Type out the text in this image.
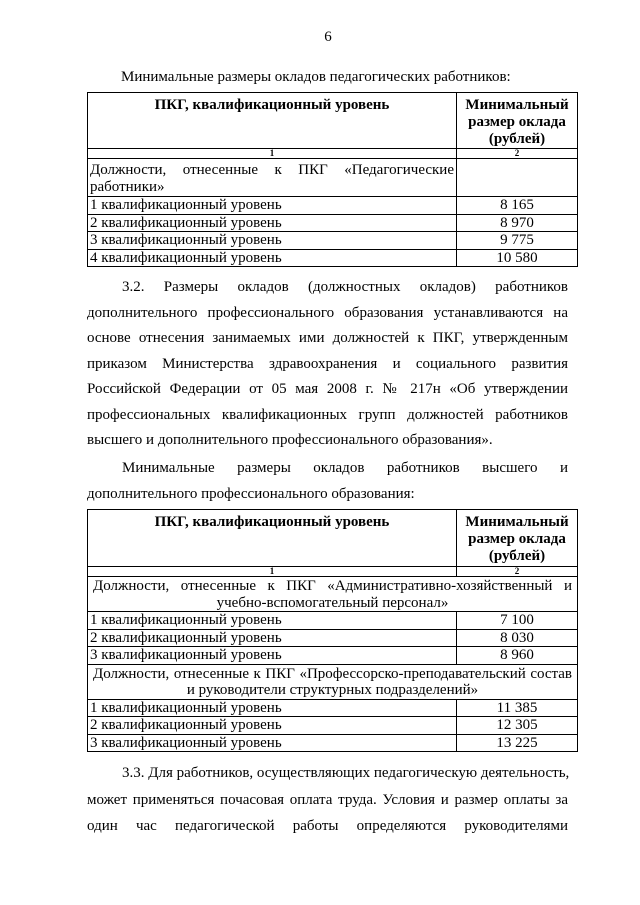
6
Минимальные размеры окладов педагогических работников:
ПКГ, квалификационный уровень	Минимальный
размер оклада
(рублей)

1	2

Должности, отнесенные к ПКГ «Педагогические
работники»	

1 квалификационный уровень	8 165
2 квалификационный уровень	8 970
3 квалификационный уровень	9 775
4 квалификационный уровень	10 580
3.2. Размеры окладов (должностных окладов) работников
дополнительного профессионального образования устанавливаются на
основе отнесения занимаемых ими должностей к ПКГ, утвержденным
приказом Министерства здравоохранения и социального развития
Российской Федерации от 05 мая 2008 г. № 217н «Об утверждении
профессиональных квалификационных групп должностей работников
высшего и дополнительного профессионального образования».
Минимальные размеры окладов работников высшего и
дополнительного профессионального образования:
ПКГ, квалификационный уровень	Минимальный
размер оклада
(рублей)

1	2

Должности, отнесенные к ПКГ «Административно-хозяйственный и
учебно-вспомогательный персонал»	

1 квалификационный уровень	7 100
2 квалификационный уровень	8 030
3 квалификационный уровень	8 960

Должности, отнесенные к ПКГ «Профессорско-преподавательский состав
и руководители структурных подразделений»	

1 квалификационный уровень	11 385
2 квалификационный уровень	12 305
3 квалификационный уровень	13 225
3.3. Для работников, осуществляющих педагогическую деятельность,
может применяться почасовая оплата труда. Условия и размер оплаты за
один час педагогической работы определяются руководителями
